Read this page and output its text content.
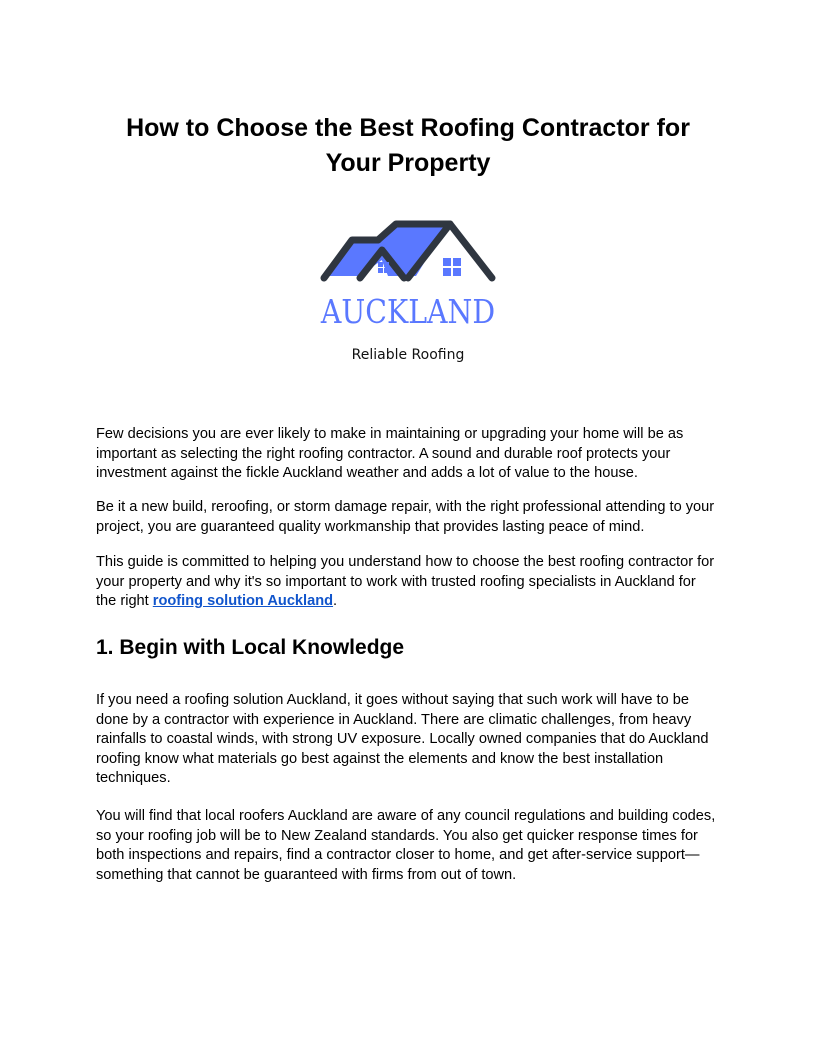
How to Choose the Best Roofing Contractor for Your Property
AUCKLAND
Reliable Roofing

Few decisions you are ever likely to make in maintaining or upgrading your home will be as important as selecting the right roofing contractor. A sound and durable roof protects your investment against the fickle Auckland weather and adds a lot of value to the house.

Be it a new build, reroofing, or storm damage repair, with the right professional attending to your project, you are guaranteed quality workmanship that provides lasting peace of mind.

This guide is committed to helping you understand how to choose the best roofing contractor for your property and why it's so important to work with trusted roofing specialists in Auckland for the right roofing solution Auckland.

1. Begin with Local Knowledge

If you need a roofing solution Auckland, it goes without saying that such work will have to be done by a contractor with experience in Auckland. There are climatic challenges, from heavy rainfalls to coastal winds, with strong UV exposure. Locally owned companies that do Auckland roofing know what materials go best against the elements and know the best installation techniques.

You will find that local roofers Auckland are aware of any council regulations and building codes, so your roofing job will be to New Zealand standards. You also get quicker response times for both inspections and repairs, find a contractor closer to home, and get after-service support—something that cannot be guaranteed with firms from out of town.
